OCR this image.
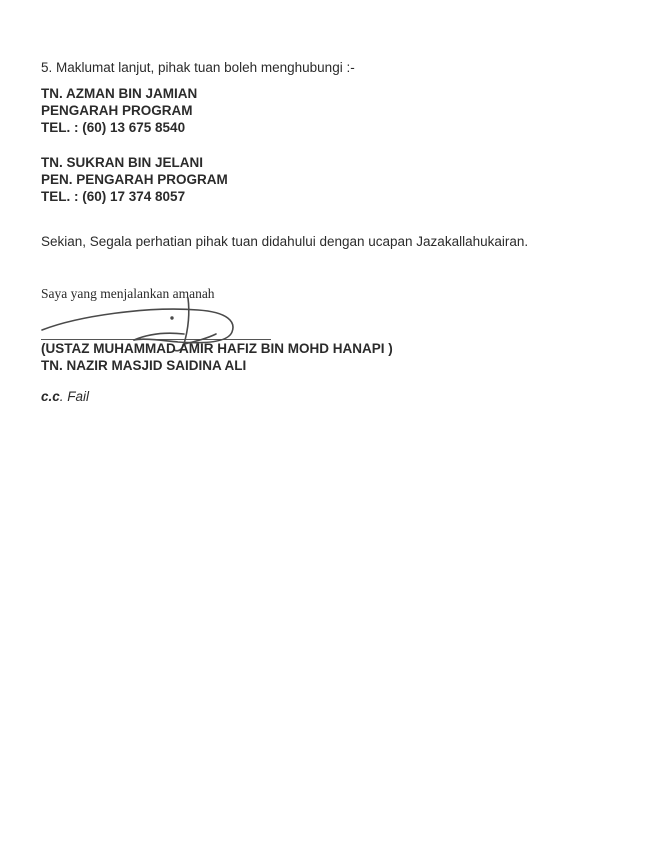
5. Maklumat lanjut, pihak tuan boleh menghubungi :-
TN. AZMAN BIN JAMIAN
PENGARAH PROGRAM
TEL. : (60) 13 675 8540
TN. SUKRAN BIN JELANI
PEN. PENGARAH PROGRAM
TEL. : (60) 17 374 8057
Sekian, Segala perhatian pihak tuan didahului dengan ucapan Jazakallahukairan.
Saya yang menjalankan amanah
(USTAZ MUHAMMAD AMIR HAFIZ BIN MOHD HANAPI )
TN. NAZIR MASJID SAIDINA ALI
c.c. Fail
